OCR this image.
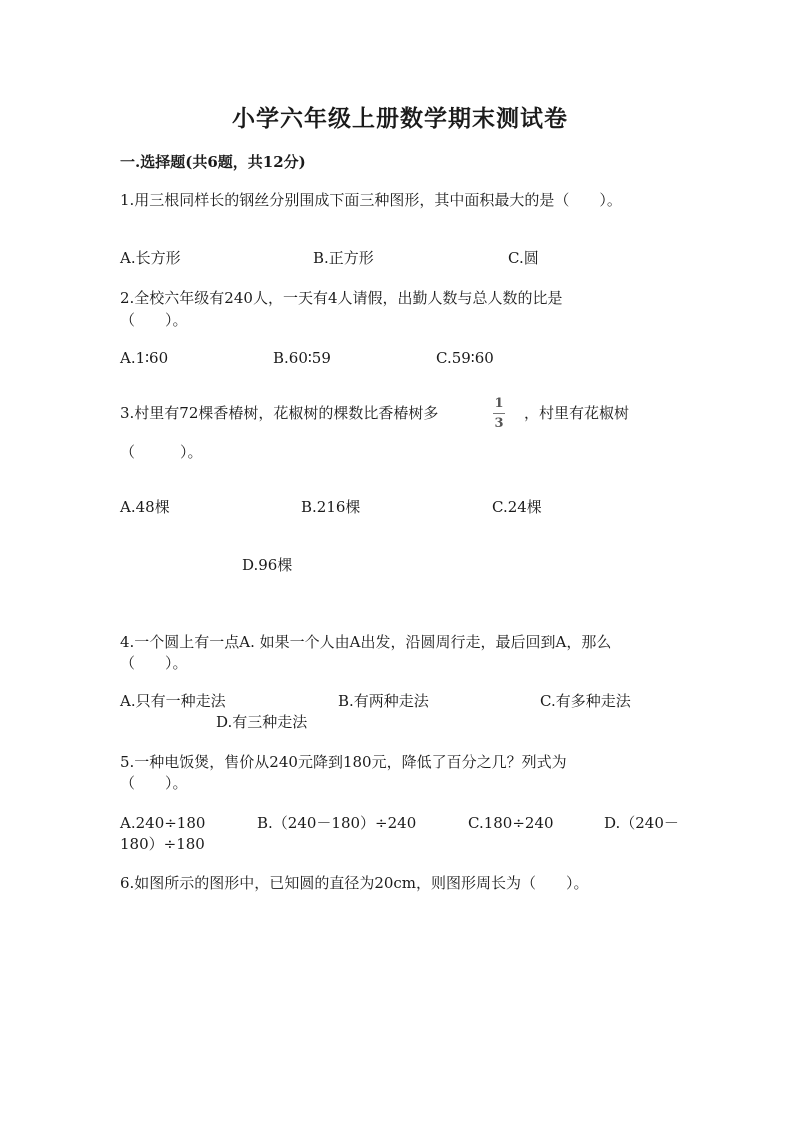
小学六年级上册数学期末测试卷
一.选择题(共6题，共12分)
1.用三根同样长的钢丝分别围成下面三种图形，其中面积最大的是（　　）。
A.长方形	B.正方形	C.圆
2.全校六年级有240人，一天有4人请假，出勤人数与总人数的比是
（　　）。
A.1∶60	B.60∶59	C.59∶60
3.村里有72棵香椿树，花椒树的棵数比香椿树多
1
3
，村里有花椒树
（　　　）。
A.48棵	B.216棵	C.24棵
D.96棵
4.一个圆上有一点A. 如果一个人由A出发，沿圆周行走，最后回到A，那么
（　　）。
A.只有一种走法	B.有两种走法	C.有多种走法
D.有三种走法
5.一种电饭煲，售价从240元降到180元，降低了百分之几？列式为
（　　）。
A.240÷180	B.（240－180）÷240	C.180÷240	D.（240－
180）÷180
6.如图所示的图形中，已知圆的直径为20cm，则图形周长为（　　）。
